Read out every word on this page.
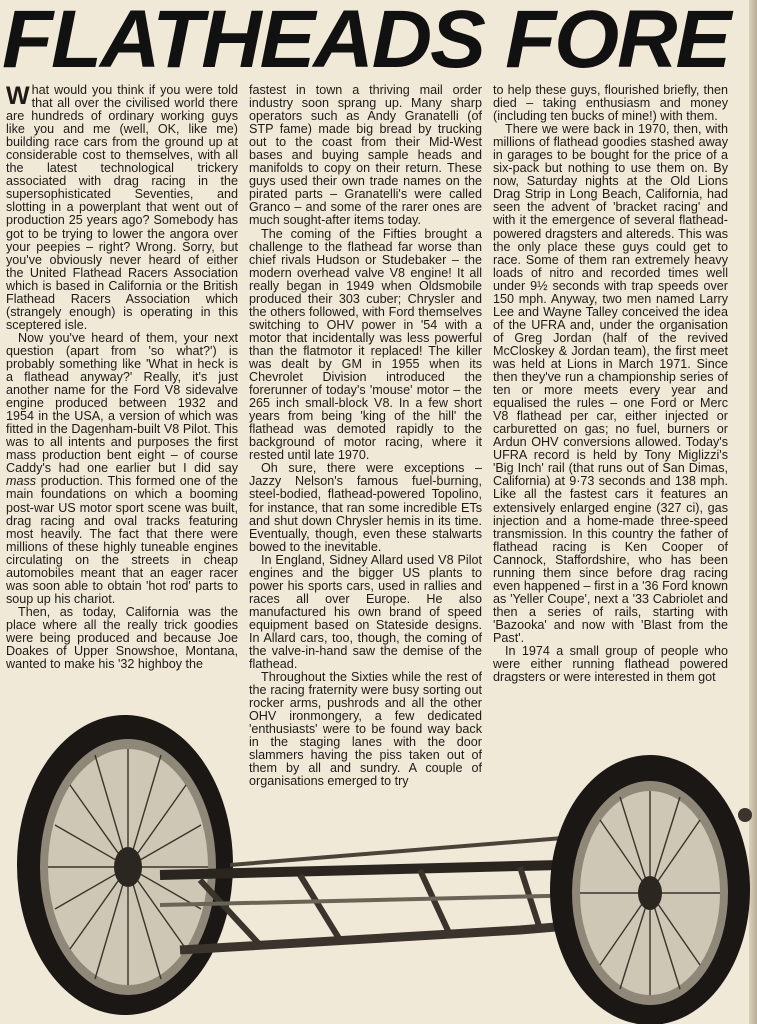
FLATHEADS FORE

What would you think if you were told that all over the civilised world there are hundreds of ordinary working guys like you and me (well, OK, like me) building race cars from the ground up at considerable cost to themselves, with all the latest technological trickery associated with drag racing in the supersophisticated Seventies, and slotting in a powerplant that went out of production 25 years ago? Somebody has got to be trying to lower the angora over your peepies – right? Wrong. Sorry, but you've obviously never heard of either the United Flathead Racers Association which is based in California or the British Flathead Racers Association which (strangely enough) is operating in this sceptered isle.

Now you've heard of them, your next question (apart from 'so what?') is probably something like 'What in heck is a flathead anyway?' Really, it's just another name for the Ford V8 sidevalve engine produced between 1932 and 1954 in the USA, a version of which was fitted in the Dagenham-built V8 Pilot. This was to all intents and purposes the first mass production bent eight – of course Caddy's had one earlier but I did say mass production. This formed one of the main foundations on which a booming post-war US motor sport scene was built, drag racing and oval tracks featuring most heavily. The fact that there were millions of these highly tuneable engines circulating on the streets in cheap automobiles meant that an eager racer was soon able to obtain 'hot rod' parts to soup up his chariot.

Then, as today, California was the place where all the really trick goodies were being produced and because Joe Doakes of Upper Snowshoe, Montana, wanted to make his '32 highboy the

fastest in town a thriving mail order industry soon sprang up. Many sharp operators such as Andy Granatelli (of STP fame) made big bread by trucking out to the coast from their Mid-West bases and buying sample heads and manifolds to copy on their return. These guys used their own trade names on the pirated parts – Granatelli's were called Granco – and some of the rarer ones are much sought-after items today.

The coming of the Fifties brought a challenge to the flathead far worse than chief rivals Hudson or Studebaker – the modern overhead valve V8 engine! It all really began in 1949 when Oldsmobile produced their 303 cuber; Chrysler and the others followed, with Ford themselves switching to OHV power in '54 with a motor that incidentally was less powerful than the flatmotor it replaced! The killer was dealt by GM in 1955 when its Chevrolet Division introduced the forerunner of today's 'mouse' motor – the 265 inch small-block V8. In a few short years from being 'king of the hill' the flathead was demoted rapidly to the background of motor racing, where it rested until late 1970.

Oh sure, there were exceptions – Jazzy Nelson's famous fuel-burning, steel-bodied, flathead-powered Topolino, for instance, that ran some incredible ETs and shut down Chrysler hemis in its time. Eventually, though, even these stalwarts bowed to the inevitable.

In England, Sidney Allard used V8 Pilot engines and the bigger US plants to power his sports cars, used in rallies and races all over Europe. He also manufactured his own brand of speed equipment based on Stateside designs. In Allard cars, too, though, the coming of the valve-in-hand saw the demise of the flathead.

Throughout the Sixties while the rest of the racing fraternity were busy sorting out rocker arms, pushrods and all the other OHV ironmongery, a few dedicated 'enthusiasts' were to be found way back in the staging lanes with the door slammers having the piss taken out of them by all and sundry. A couple of organisations emerged to try

to help these guys, flourished briefly, then died – taking enthusiasm and money (including ten bucks of mine!) with them.

There we were back in 1970, then, with millions of flathead goodies stashed away in garages to be bought for the price of a six-pack but nothing to use them on. By now, Saturday nights at the Old Lions Drag Strip in Long Beach, California, had seen the advent of 'bracket racing' and with it the emergence of several flathead-powered dragsters and altereds. This was the only place these guys could get to race. Some of them ran extremely heavy loads of nitro and recorded times well under 9½ seconds with trap speeds over 150 mph. Anyway, two men named Larry Lee and Wayne Talley conceived the idea of the UFRA and, under the organisation of Greg Jordan (half of the revived McCloskey & Jordan team), the first meet was held at Lions in March 1971. Since then they've run a championship series of ten or more meets every year and equalised the rules – one Ford or Merc V8 flathead per car, either injected or carburetted on gas; no fuel, burners or Ardun OHV conversions allowed. Today's UFRA record is held by Tony Miglizzi's 'Big Inch' rail (that runs out of San Dimas, California) at 9·73 seconds and 138 mph. Like all the fastest cars it features an extensively enlarged engine (327 ci), gas injection and a home-made three-speed transmission. In this country the father of flathead racing is Ken Cooper of Cannock, Staffordshire, who has been running them since before drag racing even happened – first in a '36 Ford known as 'Yeller Coupe', next a '33 Cabriolet and then a series of rails, starting with 'Bazooka' and now with 'Blast from the Past'.

In 1974 a small group of people who were either running flathead powered dragsters or were interested in them got
